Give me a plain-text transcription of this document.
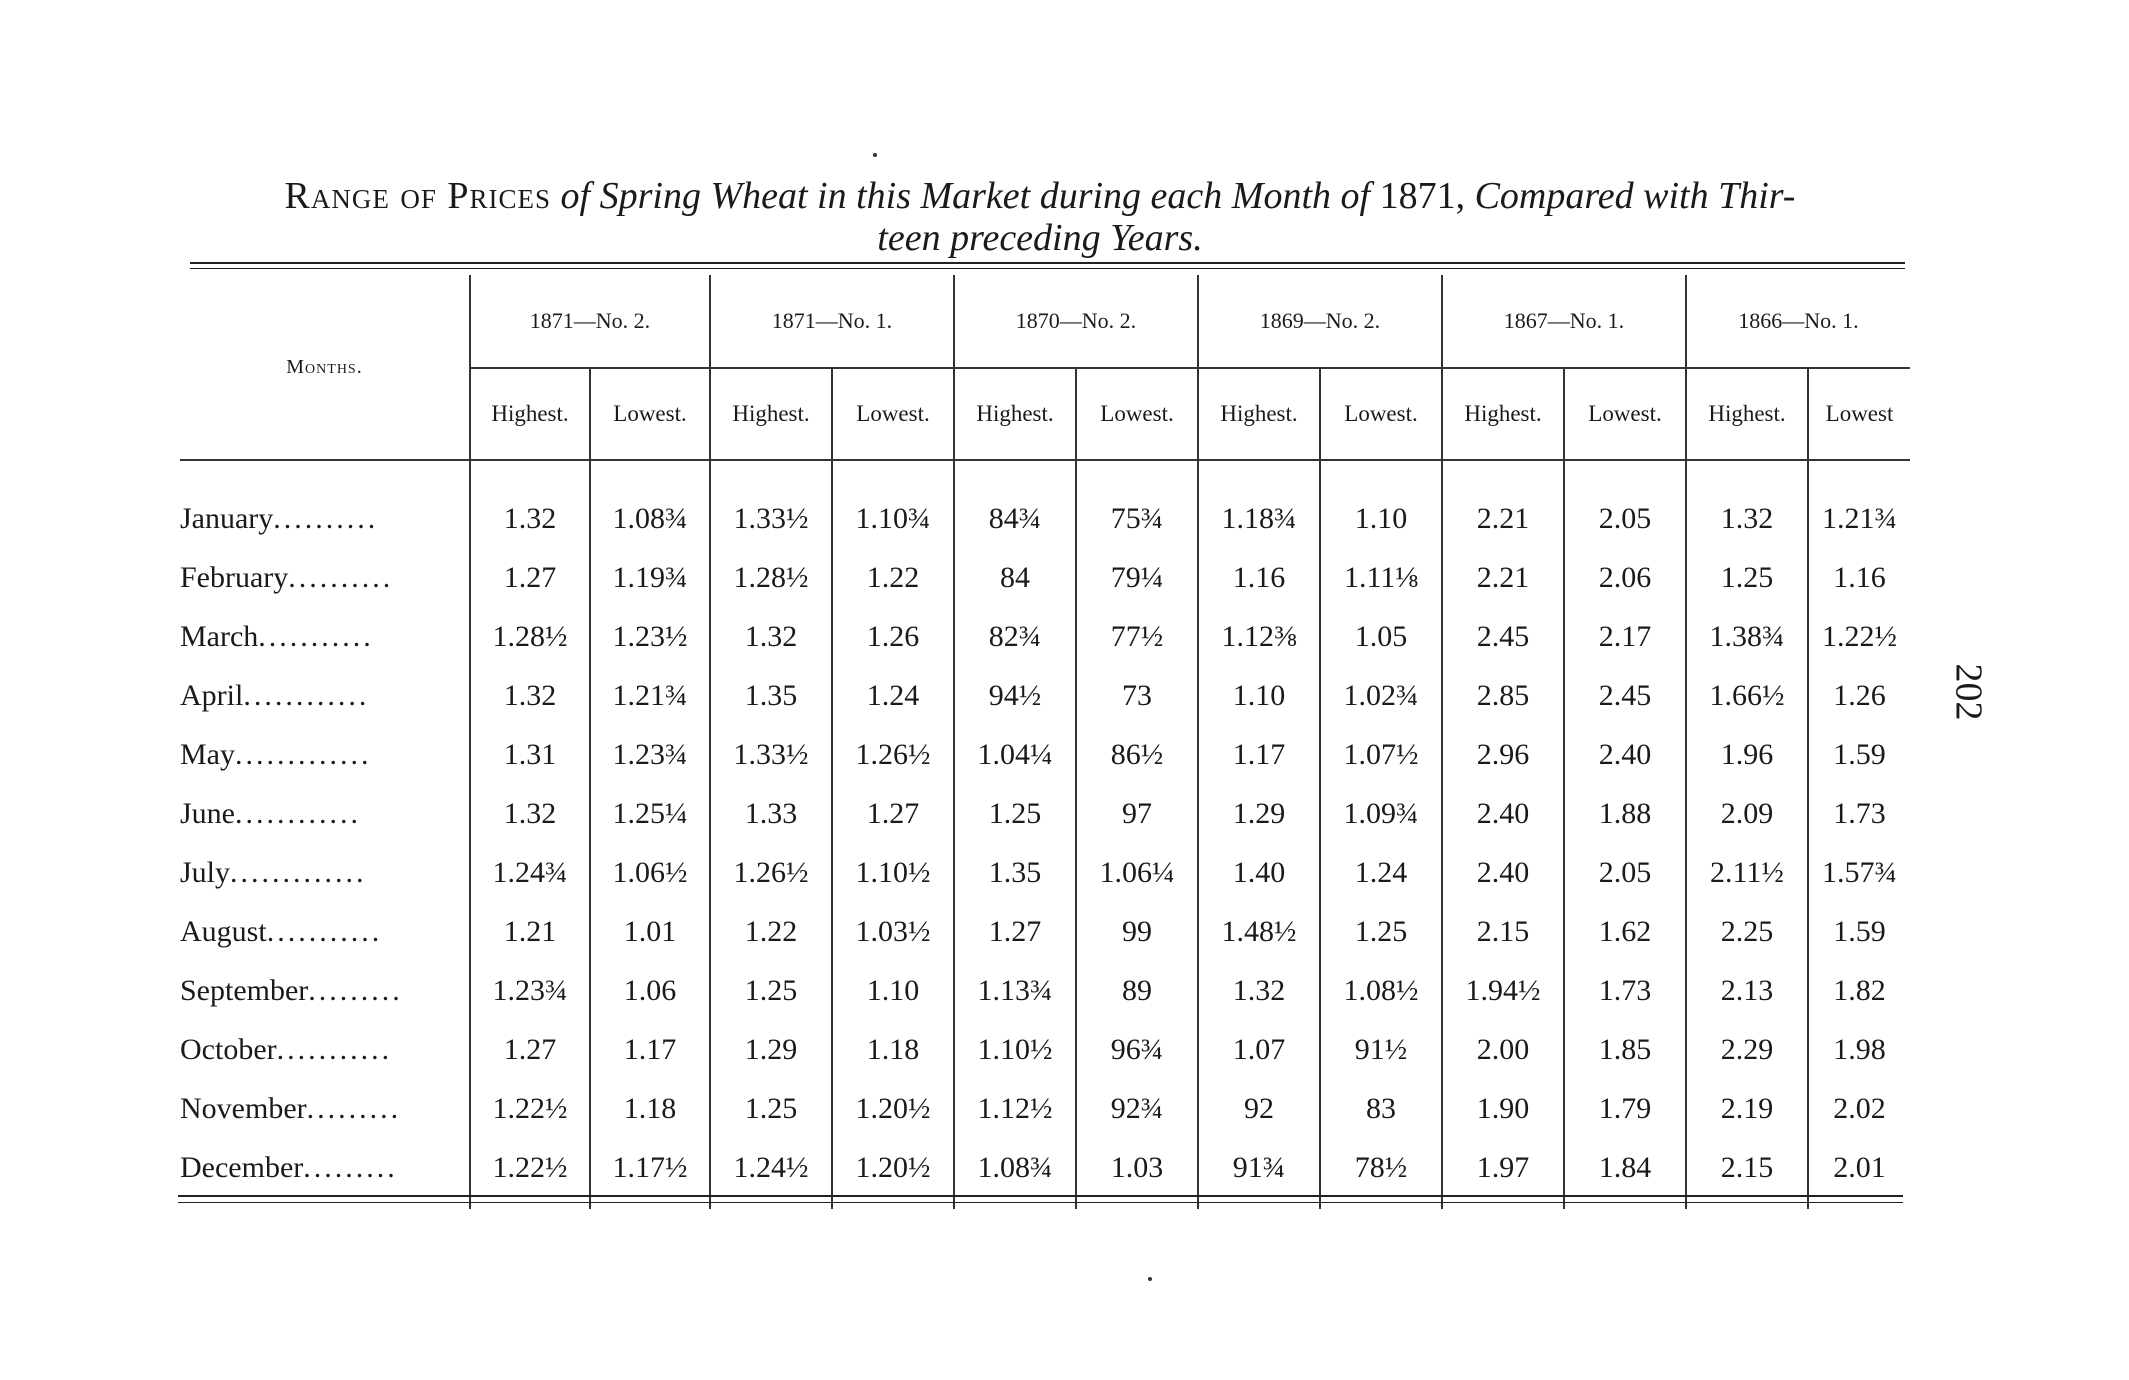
Range of Prices of Spring Wheat in this Market during each Month of 1871, Compared with Thir-
teen preceding Years.
Months.	1871—No. 2.		1871—No. 1.		1870—No. 2.		1869—No. 2.		1867—No. 1.		1866—No. 1.	
	Highest.	Lowest.	Highest.	Lowest.	Highest.	Lowest.	Highest.	Lowest.	Highest.	Lowest.	Highest.	Lowest
January..........	1.32	1.08¾	1.33½	1.10¾	84¾	75¾	1.18¾	1.10	2.21	2.05	1.32	1.21¾
February..........	1.27	1.19¾	1.28½	1.22	84	79¼	1.16	1.11⅛	2.21	2.06	1.25	1.16
March...........	1.28½	1.23½	1.32	1.26	82¾	77½	1.12⅜	1.05	2.45	2.17	1.38¾	1.22½
April............	1.32	1.21¾	1.35	1.24	94½	73	1.10	1.02¾	2.85	2.45	1.66½	1.26
May.............	1.31	1.23¾	1.33½	1.26½	1.04¼	86½	1.17	1.07½	2.96	2.40	1.96	1.59
June............	1.32	1.25¼	1.33	1.27	1.25	97	1.29	1.09¾	2.40	1.88	2.09	1.73
July.............	1.24¾	1.06½	1.26½	1.10½	1.35	1.06¼	1.40	1.24	2.40	2.05	2.11½	1.57¾
August...........	1.21	1.01	1.22	1.03½	1.27	99	1.48½	1.25	2.15	1.62	2.25	1.59
September.........	1.23¾	1.06	1.25	1.10	1.13¾	89	1.32	1.08½	1.94½	1.73	2.13	1.82
October...........	1.27	1.17	1.29	1.18	1.10½	96¾	1.07	91½	2.00	1.85	2.29	1.98
November.........	1.22½	1.18	1.25	1.20½	1.12½	92¾	92	83	1.90	1.79	2.19	2.02
December.........	1.22½	1.17½	1.24½	1.20½	1.08¾	1.03	91¾	78½	1.97	1.84	2.15	2.01
202
